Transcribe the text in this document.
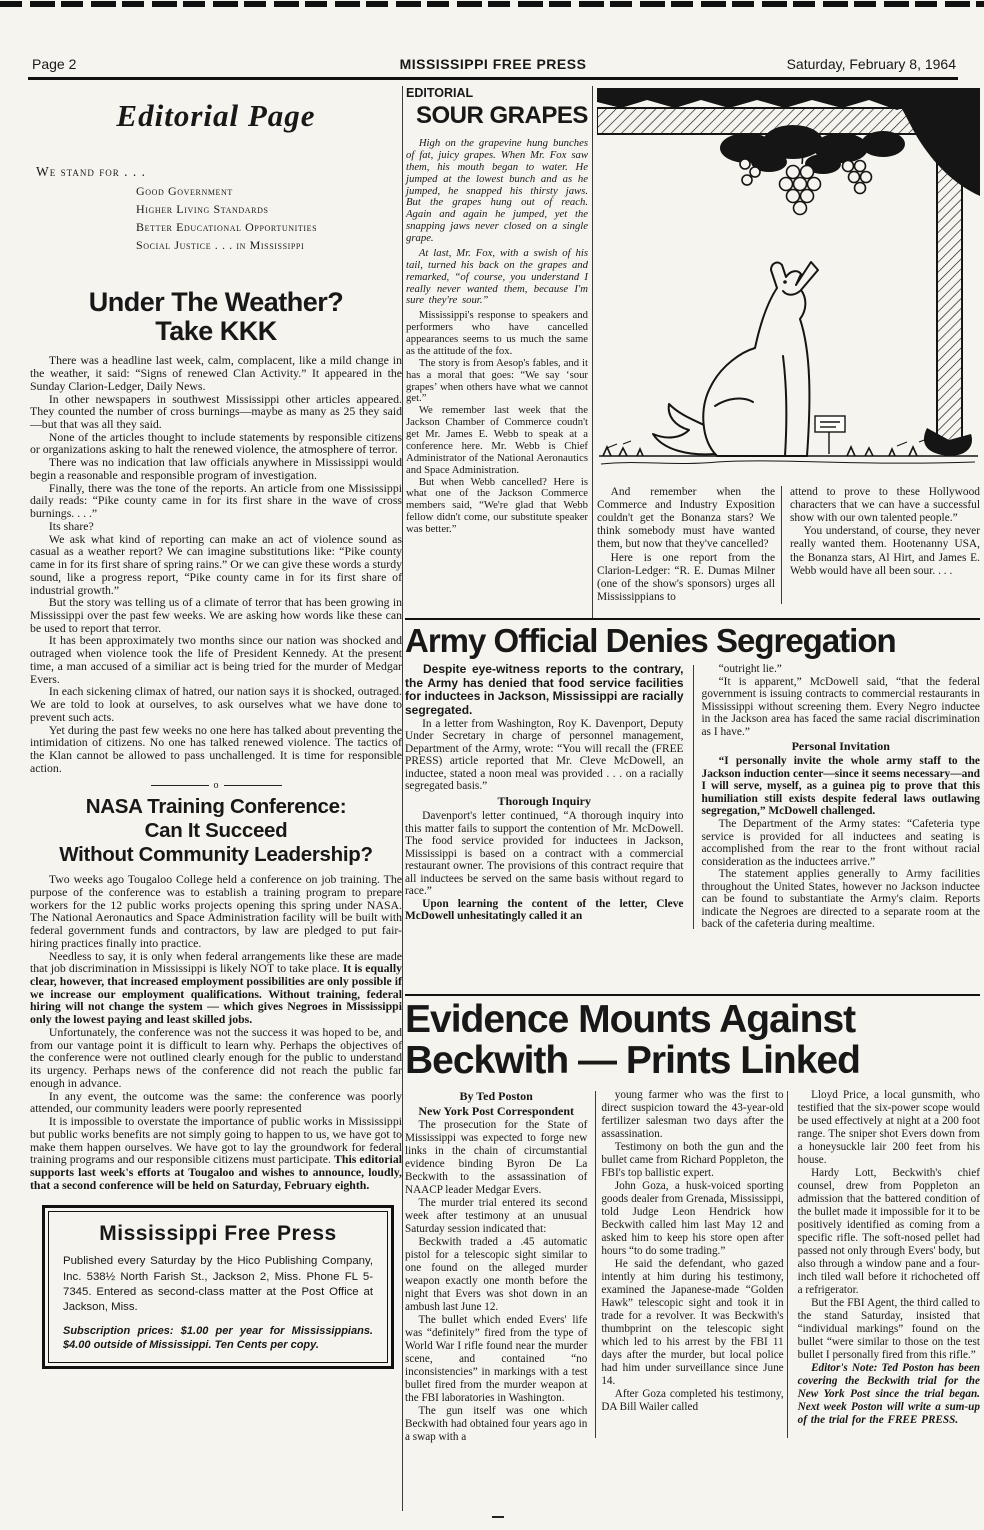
Page 2	MISSISSIPPI FREE PRESS	Saturday, February 8, 1964
Editorial Page
We stand for . . .
Good Government
Higher Living Standards
Better Educational Opportunities
Social Justice . . . in Mississippi
Under The Weather?
Take KKK

There was a headline last week, calm, complacent, like a mild change in the weather, it said: “Signs of renewed Clan Activity.” It appeared in the Sunday Clarion-Ledger, Daily News.

In other newspapers in southwest Mississippi other articles appeared. They counted the number of cross burnings—maybe as many as 25 they said—but that was all they said.

None of the articles thought to include statements by responsible citizens or organizations asking to halt the renewed violence, the atmosphere of terror.

There was no indication that law officials anywhere in Mississippi would begin a reasonable and responsible program of investigation.

Finally, there was the tone of the reports. An article from one Mississippi daily reads: “Pike county came in for its first share in the wave of cross burnings. . . .”

Its share?

We ask what kind of reporting can make an act of violence sound as casual as a weather report? We can imagine substitutions like: “Pike county came in for its first share of spring rains.” Or we can give these words a sturdy sound, like a progress report, “Pike county came in for its first share of industrial growth.”

But the story was telling us of a climate of terror that has been growing in Mississippi over the past few weeks. We are asking how words like these can be used to report that terror.

It has been approximately two months since our nation was shocked and outraged when violence took the life of President Kennedy. At the present time, a man accused of a similiar act is being tried for the murder of Medgar Evers.

In each sickening climax of hatred, our nation says it is shocked, outraged. We are told to look at ourselves, to ask ourselves what we have done to prevent such acts.

Yet during the past few weeks no one here has talked about preventing the intimidation of citizens. No one has talked renewed violence. The tactics of the Klan cannot be allowed to pass unchallenged. It is time for responsible action.

o
NASA Training Conference:
Can It Succeed
Without Community Leadership?

Two weeks ago Tougaloo College held a conference on job training. The purpose of the conference was to establish a training program to prepare workers for the 12 public works projects opening this spring under NASA. The National Aeronautics and Space Administration facility will be built with federal government funds and contractors, by law are pledged to put fair-hiring practices finally into practice.

Needless to say, it is only when federal arrangements like these are made that job discrimination in Mississippi is likely NOT to take place. It is equally clear, however, that increased employment possibilities are only possible if we increase our employment qualifications. Without training, federal hiring will not change the system — which gives Negroes in Mississippi only the lowest paying and least skilled jobs.

Unfortunately, the conference was not the success it was hoped to be, and from our vantage point it is difficult to learn why. Perhaps the objectives of the conference were not outlined clearly enough for the public to understand its urgency. Perhaps news of the conference did not reach the public far enough in advance.

In any event, the outcome was the same: the conference was poorly attended, our community leaders were poorly represented

It is impossible to overstate the importance of public works in Mississippi but public works benefits are not simply going to happen to us, we have got to make them happen ourselves. We have got to lay the groundwork for federal training programs and our responsible citizens must participate. This editorial supports last week's efforts at Tougaloo and wishes to announce, loudly, that a second conference will be held on Saturday, February eighth.

Mississippi Free Press

Published every Saturday by the Hico Publishing Company, Inc. 538½ North Farish St., Jackson 2, Miss. Phone FL 5-7345. Entered as second-class matter at the Post Office at Jackson, Miss.

Subscription prices: $1.00 per year for Mississippians. $4.00 outside of Mississippi. Ten Cents per copy.

EDITORIAL
SOUR GRAPES

High on the grapevine hung bunches of fat, juicy grapes. When Mr. Fox saw them, his mouth began to water. He jumped at the lowest bunch and as he jumped, he snapped his thirsty jaws. But the grapes hung out of reach. Again and again he jumped, yet the snapping jaws never closed on a single grape.

At last, Mr. Fox, with a swish of his tail, turned his back on the grapes and remarked, “of course, you understand I really never wanted them, because I'm sure they're sour.”

Mississippi's response to speakers and performers who have cancelled appearances seems to us much the same as the attitude of the fox.

The story is from Aesop's fables, and it has a moral that goes: “We say ‘sour grapes’ when others have what we cannot get.”

We remember last week that the Jackson Chamber of Commerce coudn't get Mr. James E. Webb to speak at a conference here. Mr. Webb is Chief Administrator of the National Aeronautics and Space Administration.

But when Webb cancelled? Here is what one of the Jackson Commerce members said, “We're glad that Webb fellow didn't come, our substitute speaker was better.”

And remember when the Commerce and Industry Exposition couldn't get the Bonanza stars? We think somebody must have wanted them, but now that they've cancelled?

Here is one report from the Clarion-Ledger: “R. E. Dumas Milner (one of the show's sponsors) urges all Mississippians to

attend to prove to these Hollywood characters that we can have a successful show with our own talented people.”

You understand, of course, they never really wanted them. Hootenanny USA, the Bonanza stars, Al Hirt, and James E. Webb would have all been sour. . . .

Army Official Denies Segregation

Despite eye-witness reports to the contrary, the Army has denied that food service facilities for inductees in Jackson, Mississippi are racially segregated.

In a letter from Washington, Roy K. Davenport, Deputy Under Secretary in charge of personnel management, Department of the Army, wrote: “You will recall the (FREE PRESS) article reported that Mr. Cleve McDowell, an inductee, stated a noon meal was provided . . . on a racially segregated basis.”

Thorough Inquiry

Davenport's letter continued, “A thorough inquiry into this matter fails to support the contention of Mr. McDowell. The food service provided for inductees in Jackson, Mississippi is based on a contract with a commercial restaurant owner. The provisions of this contract require that all inductees be served on the same basis without regard to race.”

Upon learning the content of the letter, Cleve McDowell unhesitatingly called it an

“outright lie.”

“It is apparent,” McDowell said, “that the federal government is issuing contracts to commercial restaurants in Mississippi without screening them. Every Negro inductee in the Jackson area has faced the same racial discrimination as I have.”

Personal Invitation

“I personally invite the whole army staff to the Jackson induction center—since it seems necessary—and I will serve, myself, as a guinea pig to prove that this humiliation still exists despite federal laws outlawing segregation,” McDowell challenged.

The Department of the Army states: “Cafeteria type service is provided for all inductees and seating is accomplished from the rear to the front without racial consideration as the inductees arrive.”

The statement applies generally to Army facilities throughout the United States, however no Jackson inductee can be found to substantiate the Army's claim. Reports indicate the Negroes are directed to a separate room at the back of the cafeteria during mealtime.

Evidence Mounts Against
Beckwith — Prints Linked
By Ted Poston
New York Post Correspondent

The prosecution for the State of Mississippi was expected to forge new links in the chain of circumstantial evidence binding Byron De La Beckwith to the assassination of NAACP leader Medgar Evers.

The murder trial entered its second week after testimony at an unusual Saturday session indicated that:

Beckwith traded a .45 automatic pistol for a telescopic sight similar to one found on the alleged murder weapon exactly one month before the night that Evers was shot down in an ambush last June 12.

The bullet which ended Evers' life was “definitely” fired from the type of World War I rifle found near the murder scene, and contained “no inconsistencies” in markings with a test bullet fired from the murder weapon at the FBI laboratories in Washington.

The gun itself was one which Beckwith had obtained four years ago in a swap with a

young farmer who was the first to direct suspicion toward the 43-year-old fertilizer salesman two days after the assassination.

Testimony on both the gun and the bullet came from Richard Poppleton, the FBI's top ballistic expert.

John Goza, a husk-voiced sporting goods dealer from Grenada, Mississippi, told Judge Leon Hendrick how Beckwith called him last May 12 and asked him to keep his store open after hours “to do some trading.”

He said the defendant, who gazed intently at him during his testimony, examined the Japanese-made “Golden Hawk” telescopic sight and took it in trade for a revolver. It was Beckwith's thumbprint on the telescopic sight which led to his arrest by the FBI 11 days after the murder, but local police had him under surveillance since June 14.

After Goza completed his testimony, DA Bill Wailer called

Lloyd Price, a local gunsmith, who testified that the six-power scope would be used effectively at night at a 200 foot range. The sniper shot Evers down from a honeysuckle lair 200 feet from his house.

Hardy Lott, Beckwith's chief counsel, drew from Poppleton an admission that the battered condition of the bullet made it impossible for it to be positively identified as coming from a specific rifle. The soft-nosed pellet had passed not only through Evers' body, but also through a window pane and a four-inch tiled wall before it richocheted off a refrigerator.

But the FBI Agent, the third called to the stand Saturday, insisted that “individual markings” found on the bullet “were similar to those on the test bullet I personally fired from this rifle.”

Editor's Note: Ted Poston has been covering the Beckwith trial for the New York Post since the trial began. Next week Poston will write a sum-up of the trial for the FREE PRESS.
